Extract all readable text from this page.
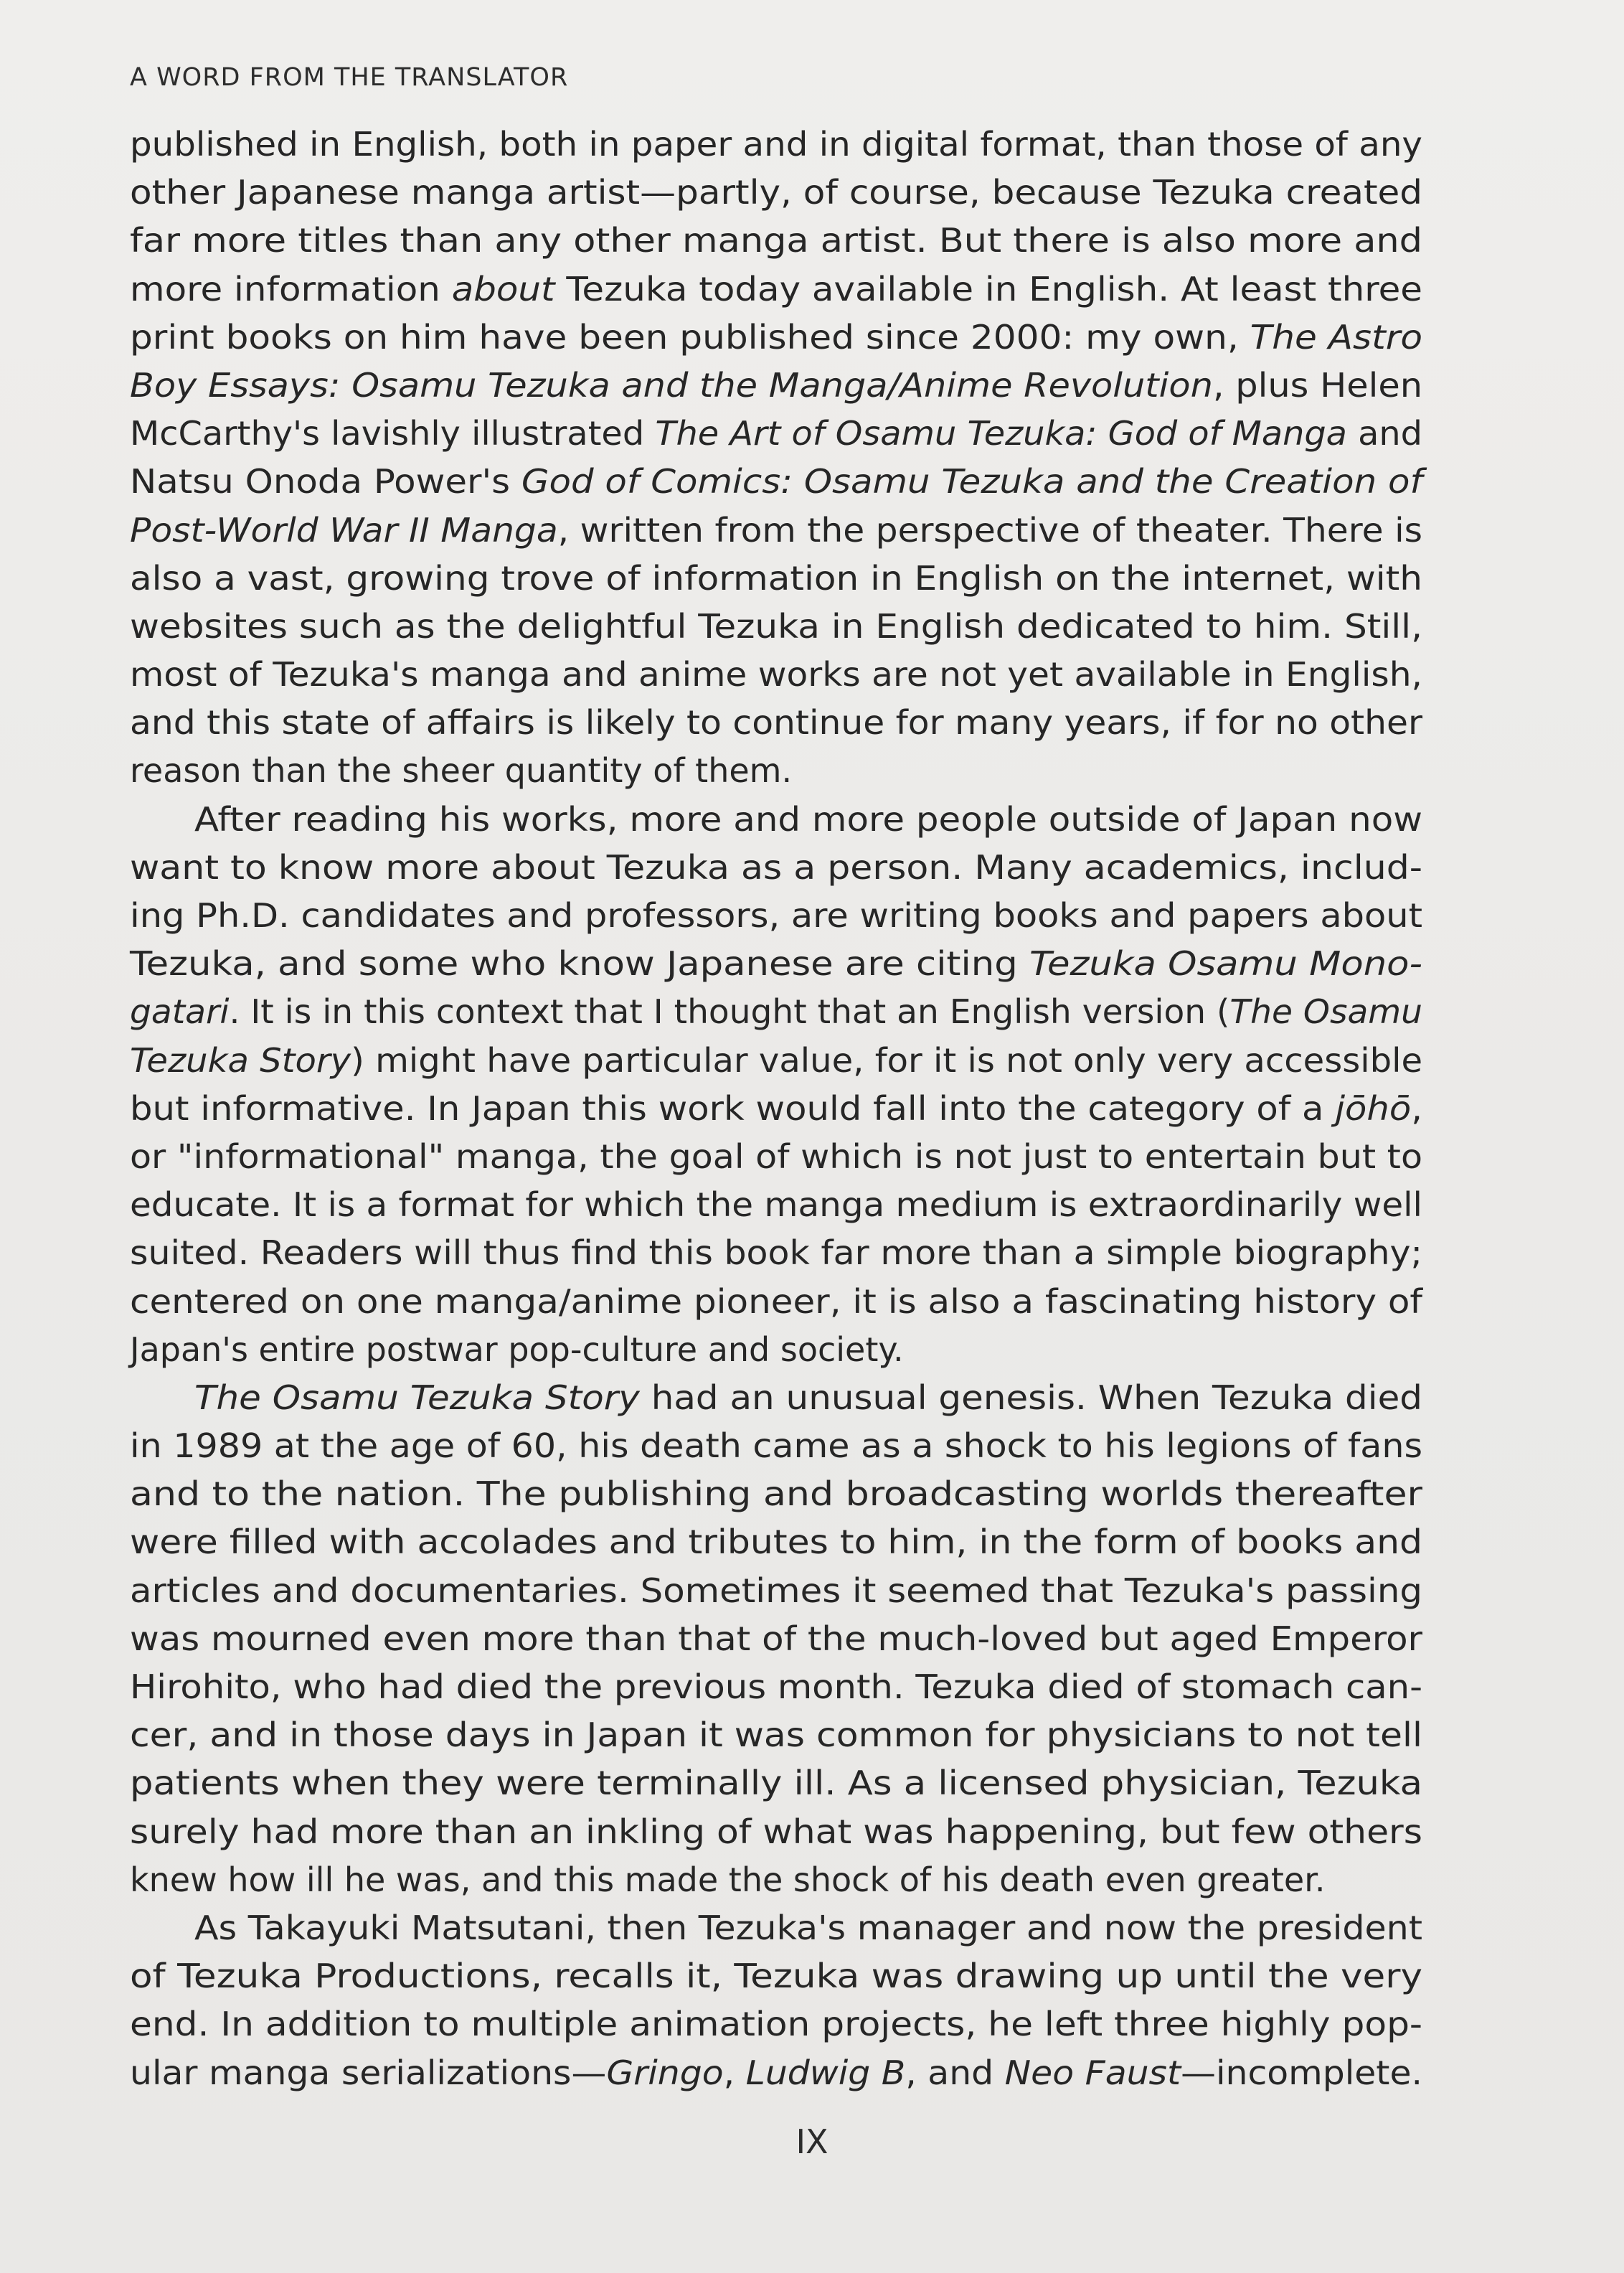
A WORD FROM THE TRANSLATOR
published in English, both in paper and in digital format, than those of any
other Japanese manga artist—partly, of course, because Tezuka created
far more titles than any other manga artist. But there is also more and
more information about Tezuka today available in English. At least three
print books on him have been published since 2000: my own, The Astro
Boy Essays: Osamu Tezuka and the Manga/Anime Revolution, plus Helen
McCarthy's lavishly illustrated The Art of Osamu Tezuka: God of Manga and
Natsu Onoda Power's God of Comics: Osamu Tezuka and the Creation of
Post-World War II Manga, written from the perspective of theater. There is
also a vast, growing trove of information in English on the internet, with
websites such as the delightful Tezuka in English dedicated to him. Still,
most of Tezuka's manga and anime works are not yet available in English,
and this state of affairs is likely to continue for many years, if for no other
reason than the sheer quantity of them.
After reading his works, more and more people outside of Japan now
want to know more about Tezuka as a person. Many academics, includ-
ing Ph.D. candidates and professors, are writing books and papers about
Tezuka, and some who know Japanese are citing Tezuka Osamu Mono-
gatari. It is in this context that I thought that an English version (The Osamu
Tezuka Story) might have particular value, for it is not only very accessible
but informative. In Japan this work would fall into the category of a jōhō,
or "informational" manga, the goal of which is not just to entertain but to
educate. It is a format for which the manga medium is extraordinarily well
suited. Readers will thus find this book far more than a simple biography;
centered on one manga/anime pioneer, it is also a fascinating history of
Japan's entire postwar pop-culture and society.
The Osamu Tezuka Story had an unusual genesis. When Tezuka died
in 1989 at the age of 60, his death came as a shock to his legions of fans
and to the nation. The publishing and broadcasting worlds thereafter
were filled with accolades and tributes to him, in the form of books and
articles and documentaries. Sometimes it seemed that Tezuka's passing
was mourned even more than that of the much-loved but aged Emperor
Hirohito, who had died the previous month. Tezuka died of stomach can-
cer, and in those days in Japan it was common for physicians to not tell
patients when they were terminally ill. As a licensed physician, Tezuka
surely had more than an inkling of what was happening, but few others
knew how ill he was, and this made the shock of his death even greater.
As Takayuki Matsutani, then Tezuka's manager and now the president
of Tezuka Productions, recalls it, Tezuka was drawing up until the very
end. In addition to multiple animation projects, he left three highly pop-
ular manga serializations—Gringo, Ludwig B, and Neo Faust—incomplete.
IX
